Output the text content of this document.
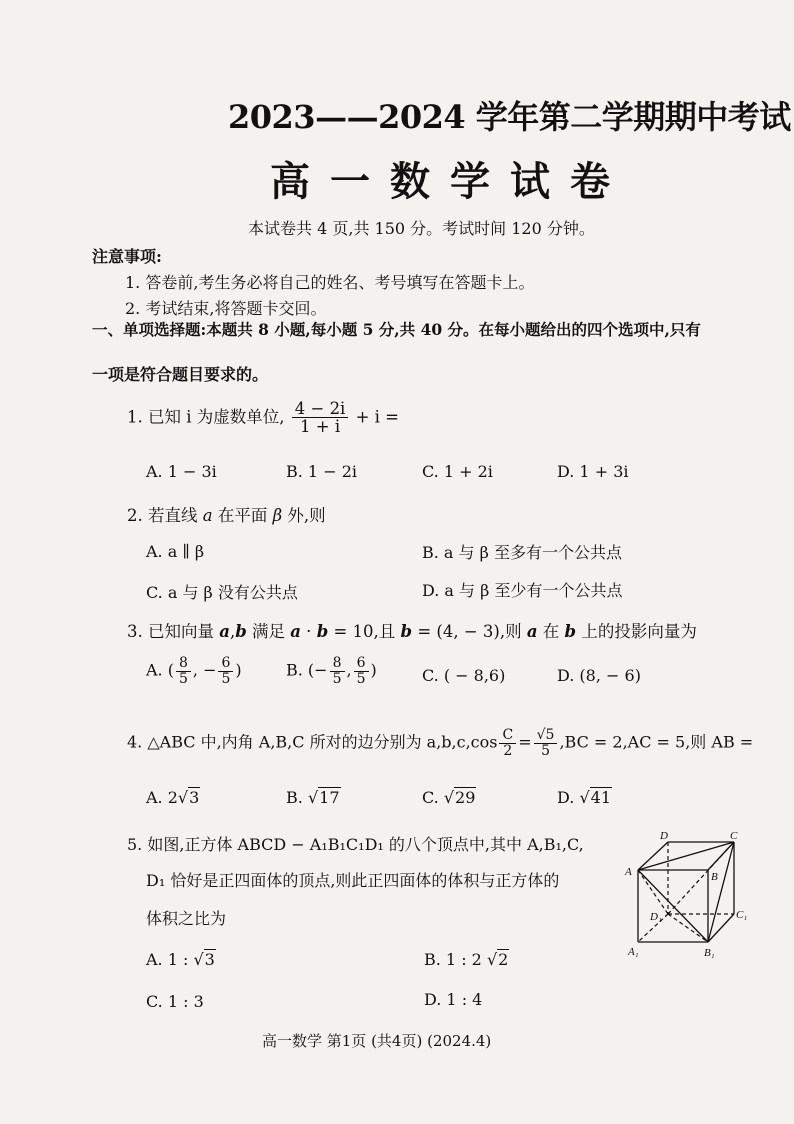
2023——2024 学年第二学期期中考试
高一数学试卷
本试卷共 4 页,共 150 分。考试时间 120 分钟。
注意事项:
1. 答卷前,考生务必将自己的姓名、考号填写在答题卡上。
2. 考试结束,将答题卡交回。
一、单项选择题:本题共 8 小题,每小题 5 分,共 40 分。在每小题给出的四个选项中,只有
一项是符合题目要求的。
1. 已知 i 为虚数单位, $\frac{4 - 2i}{1 + i} + i$ =
A. 1 − 3i	B. 1 − 2i	C. 1 + 2i	D. 1 + 3i
2. 若直线 a 在平面 β 外,则
A. a ∥ β	B. a 与 β 至多有一个公共点
C. a 与 β 没有公共点	D. a 与 β 至少有一个公共点
3. 已知向量 a,b 满足 a · b = 10,且 b = (4, − 3),则 a 在 b 上的投影向量为
A. ( $\frac{8}{5}$ , − $\frac{6}{5}$ )	B. (− $\frac{8}{5}$ , $\frac{6}{5}$ )	C. ( − 8,6)	D. (8, − 6)
4. △ABC 中,内角 A,B,C 所对的边分别为 $a,b,c,\cos \frac{C}{2} = \frac{√5}{5} ,BC = 2,AC = 5$,则 AB =
A. 2√3	B. √17	C. √29	D. √41
5. 如图,正方体 ABCD − A₁B₁C₁D₁ 的八个顶点中,其中 A,B₁,C,
D₁ 恰好是正四面体的顶点,则此正四面体的体积与正方体的
体积之比为
A. 1 : √3	B. 1 : 2 √2
C. 1 : 3	D. 1 : 4
D	C
A	B
D₁	C₁
A₁	B₁
高一数学 第1页 (共4页) (2024.4)
